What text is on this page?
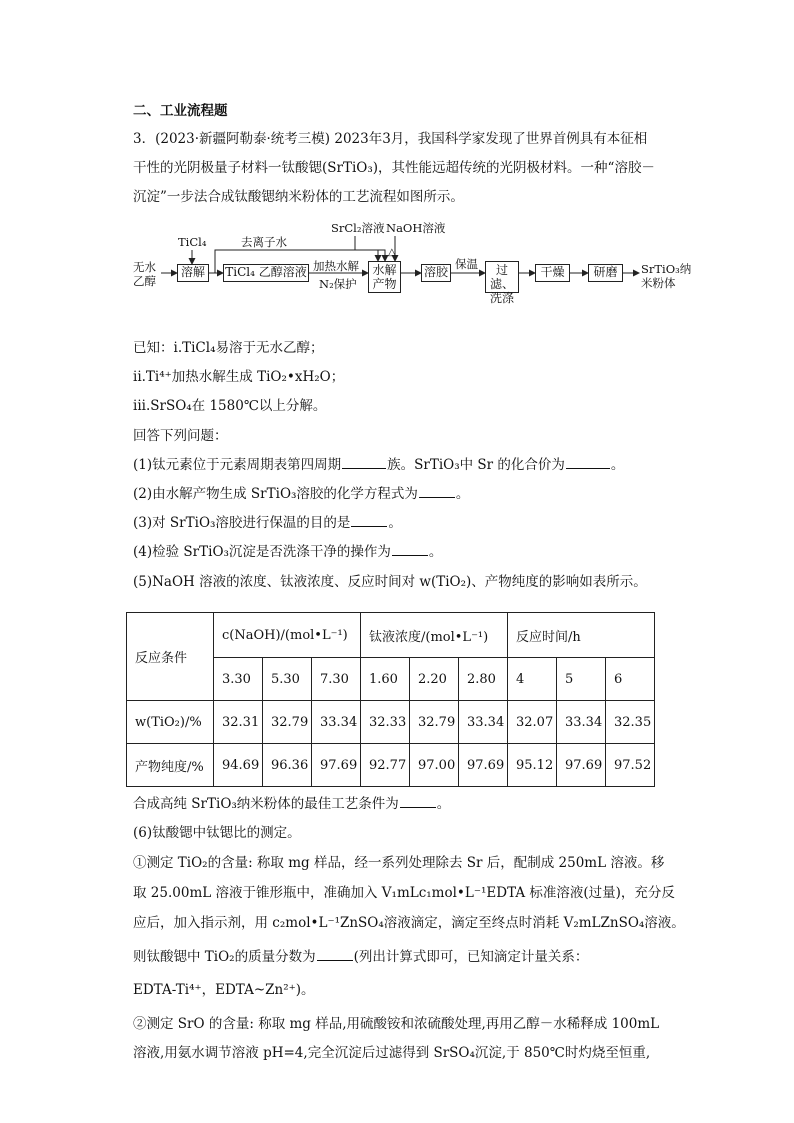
二、工业流程题
3．(2023·新疆阿勒泰·统考三模) 2023年3月，我国科学家发现了世界首例具有本征相
干性的光阴极量子材料一钛酸锶(SrTiO₃)，其性能远超传统的光阴极材料。一种“溶胶－
沉淀”一步法合成钛酸锶纳米粉体的工艺流程如图所示。
无水
乙醇
TiCl₄
溶解
去离子水
TiCl₄ 乙醇溶液 加热水解
N₂保护
SrCl₂溶液 NaOH溶液
△
水解
产物
溶胶
保温	过滤、
洗涤
干燥	研磨	SrTiO₃纳
米粉体
已知：i.TiCl₄易溶于无水乙醇；
ii.Ti⁴⁺加热水解生成 TiO₂•xH₂O；
iii.SrSO₄在 1580℃以上分解。
回答下列问题：
(1)钛元素位于元素周期表第四周期	族。SrTiO₃中 Sr 的化合价为	。
(2)由水解产物生成 SrTiO₃溶胶的化学方程式为	。
(3)对 SrTiO₃溶胶进行保温的目的是	。
(4)检验 SrTiO₃沉淀是否洗涤干净的操作为	。
(5)NaOH 溶液的浓度、钛液浓度、反应时间对 w(TiO₂)、产物纯度的影响如表所示。
反应条件	c(NaOH)/(mol•L⁻¹)			钛液浓度/(mol•L⁻¹)			反应时间/h		
	3.30	5.30	7.30	1.60	2.20	2.80	4	5	6
w(TiO₂)/%	32.31	32.79	33.34	32.33	32.79	33.34	32.07	33.34	32.35
产物纯度/%	94.69	96.36	97.69	92.77	97.00	97.69	95.12	97.69	97.52
合成高纯 SrTiO₃纳米粉体的最佳工艺条件为	。
(6)钛酸锶中钛锶比的测定。
①测定 TiO₂的含量: 称取 mg 样品，经一系列处理除去 Sr 后，配制成 250mL 溶液。移
取 25.00mL 溶液于锥形瓶中，准确加入 V₁mLc₁mol•L⁻¹EDTA 标准溶液(过量)，充分反
应后，加入指示剂，用 c₂mol•L⁻¹ZnSO₄溶液滴定，滴定至终点时消耗 V₂mLZnSO₄溶液。
则钛酸锶中 TiO₂的质量分数为	(列出计算式即可，已知滴定计量关系：
EDTA-Ti⁴⁺，EDTA~Zn²⁺)。
②测定 SrO 的含量: 称取 mg 样品,用硫酸铵和浓硫酸处理,再用乙醇－水稀释成 100mL
溶液,用氨水调节溶液 pH=4,完全沉淀后过滤得到 SrSO₄沉淀,于 850℃时灼烧至恒重,
